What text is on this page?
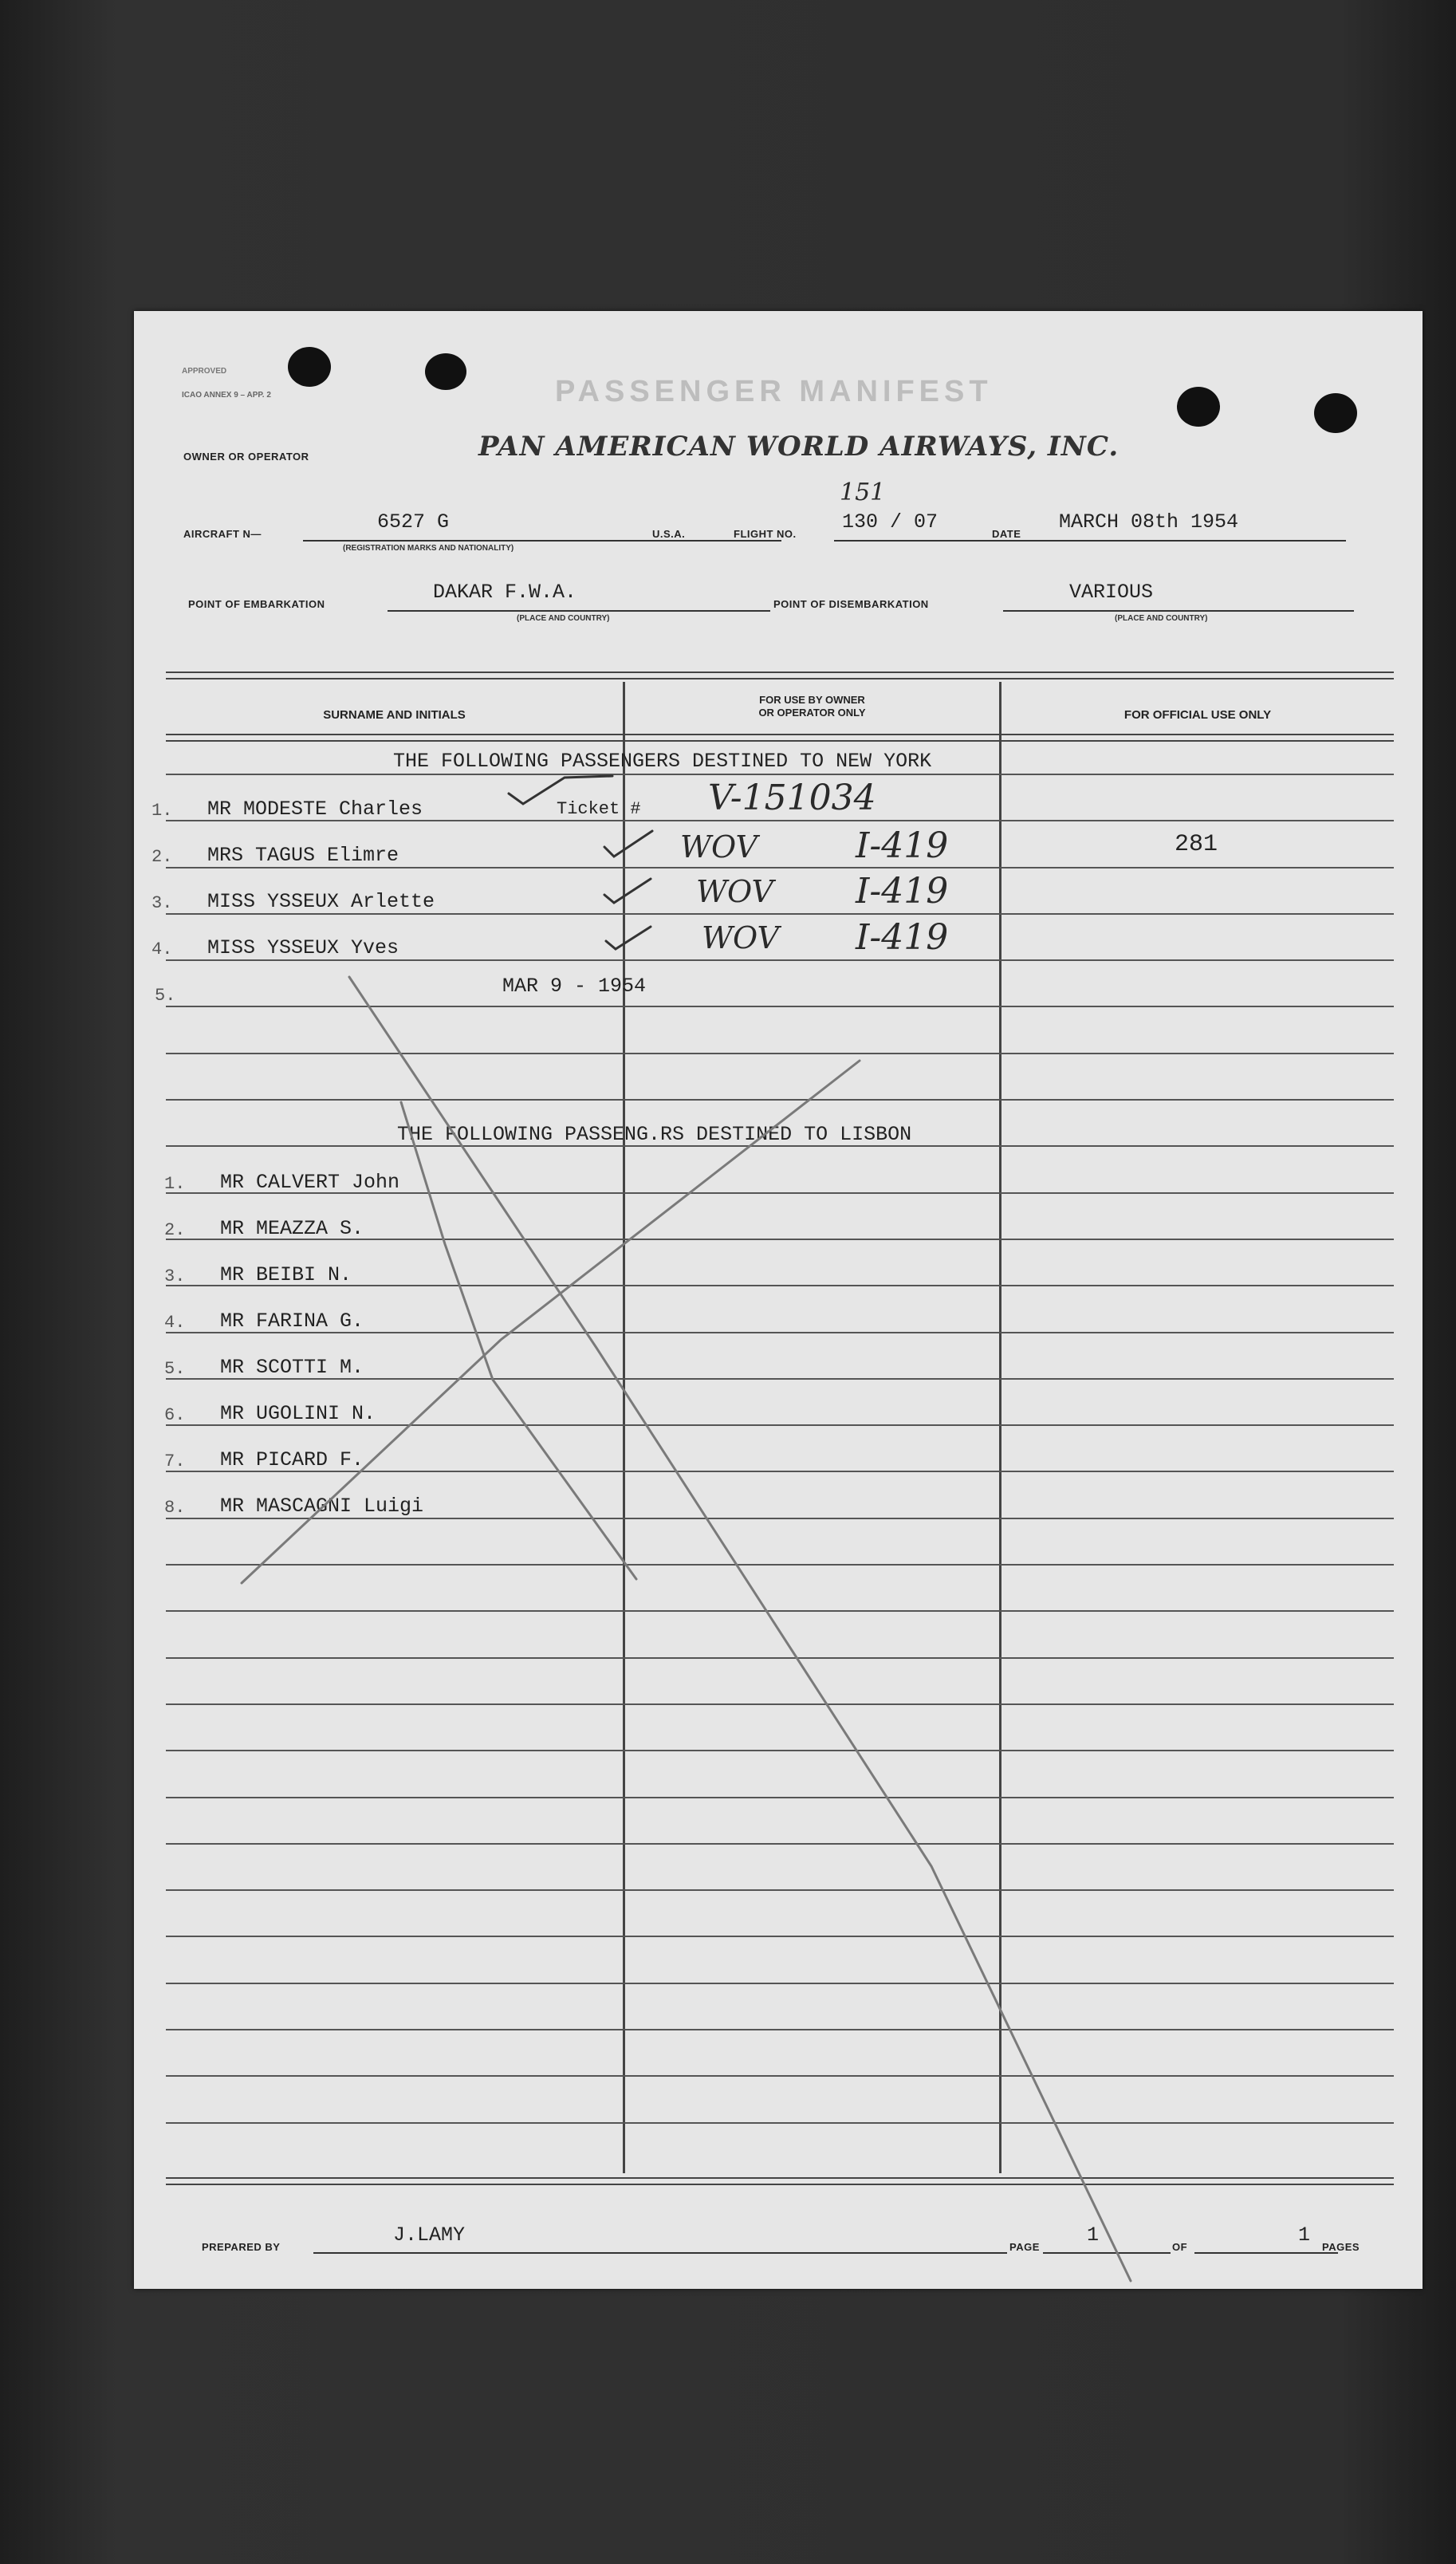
APPROVED
ICAO ANNEX 9 – APP. 2	PASSENGER MANIFEST
OWNER OR OPERATOR	PAN AMERICAN WORLD AIRWAYS, INC.
AIRCRAFT N—
6527 G
(REGISTRATION MARKS AND NATIONALITY)
U.S.A.	FLIGHT NO.
130 / 07
151
DATE
MARCH 08th 1954
POINT OF EMBARKATION
DAKAR F.W.A.
(PLACE AND COUNTRY)
POINT OF DISEMBARKATION
VARIOUS
(PLACE AND COUNTRY)
SURNAME AND INITIALS
FOR USE BY OWNER
OR OPERATOR ONLY	FOR OFFICIAL USE ONLY
THE FOLLOWING PASSENGERS DESTINED TO NEW YORK
1. MR MODESTE Charles	Ticket # V-151034
2. MRS TAGUS Elimre	WOV	I-419	281
3. MISS YSSEUX Arlette	WOV I-419
4. MISS YSSEUX Yves	WOV I-419
5.	MAR 9 - 1954
THE FOLLOWING PASSENG.RS DESTINED TO LISBON
1. MR CALVERT John
2. MR MEAZZA S.
3. MR BEIBI N.
4. MR FARINA G.
5. MR SCOTTI M.
6. MR UGOLINI N.
7. MR PICARD F.
8. MR MASCAGNI Luigi
PREPARED BY
J.LAMY
PAGE
1
OF
1
PAGES
